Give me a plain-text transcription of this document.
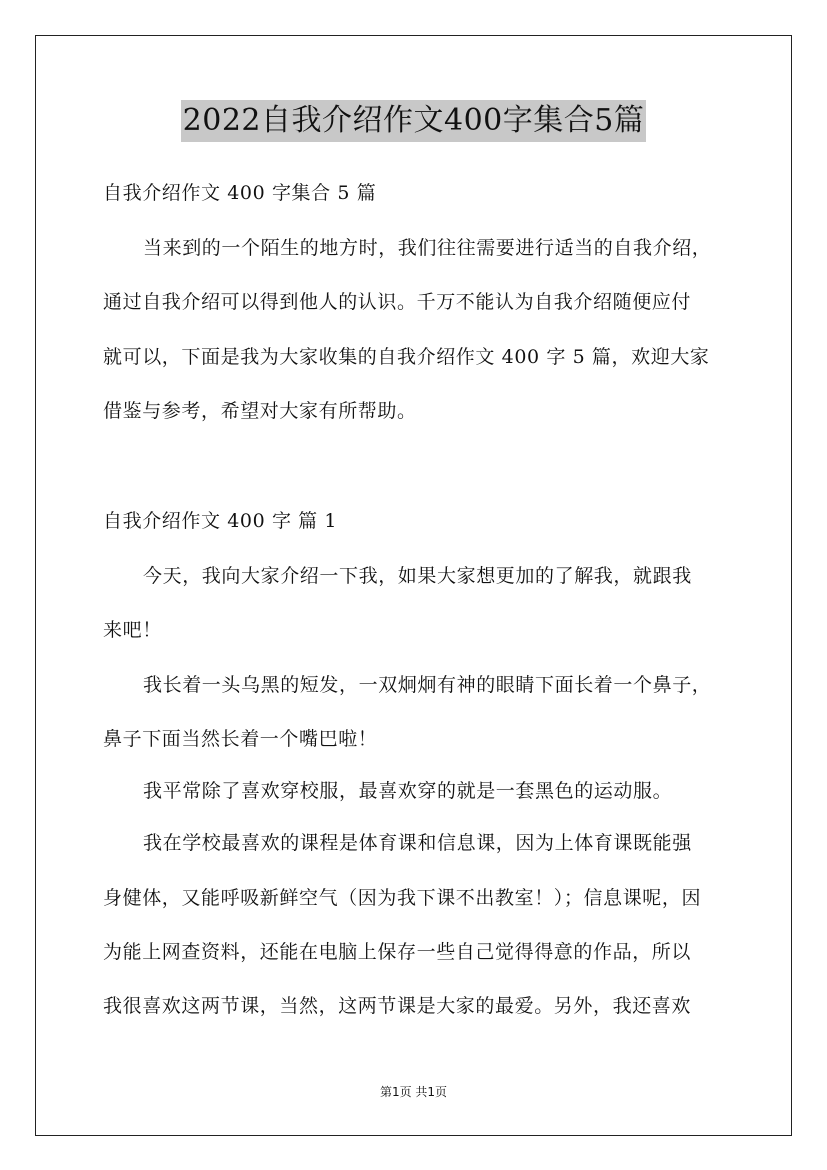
2022自我介绍作文400字集合5篇
自我介绍作文 400 字集合 5 篇
当来到的一个陌生的地方时，我们往往需要进行适当的自我介绍，
通过自我介绍可以得到他人的认识。千万不能认为自我介绍随便应付
就可以，下面是我为大家收集的自我介绍作文 400 字 5 篇，欢迎大家
借鉴与参考，希望对大家有所帮助。
自我介绍作文 400 字 篇 1
今天，我向大家介绍一下我，如果大家想更加的了解我，就跟我
来吧！
我长着一头乌黑的短发，一双炯炯有神的眼睛下面长着一个鼻子，
鼻子下面当然长着一个嘴巴啦！
我平常除了喜欢穿校服，最喜欢穿的就是一套黑色的运动服。
我在学校最喜欢的课程是体育课和信息课，因为上体育课既能强
身健体，又能呼吸新鲜空气（因为我下课不出教室！）；信息课呢，因
为能上网查资料，还能在电脑上保存一些自己觉得得意的作品，所以
我很喜欢这两节课，当然，这两节课是大家的最爱。另外，我还喜欢
第1页 共1页
